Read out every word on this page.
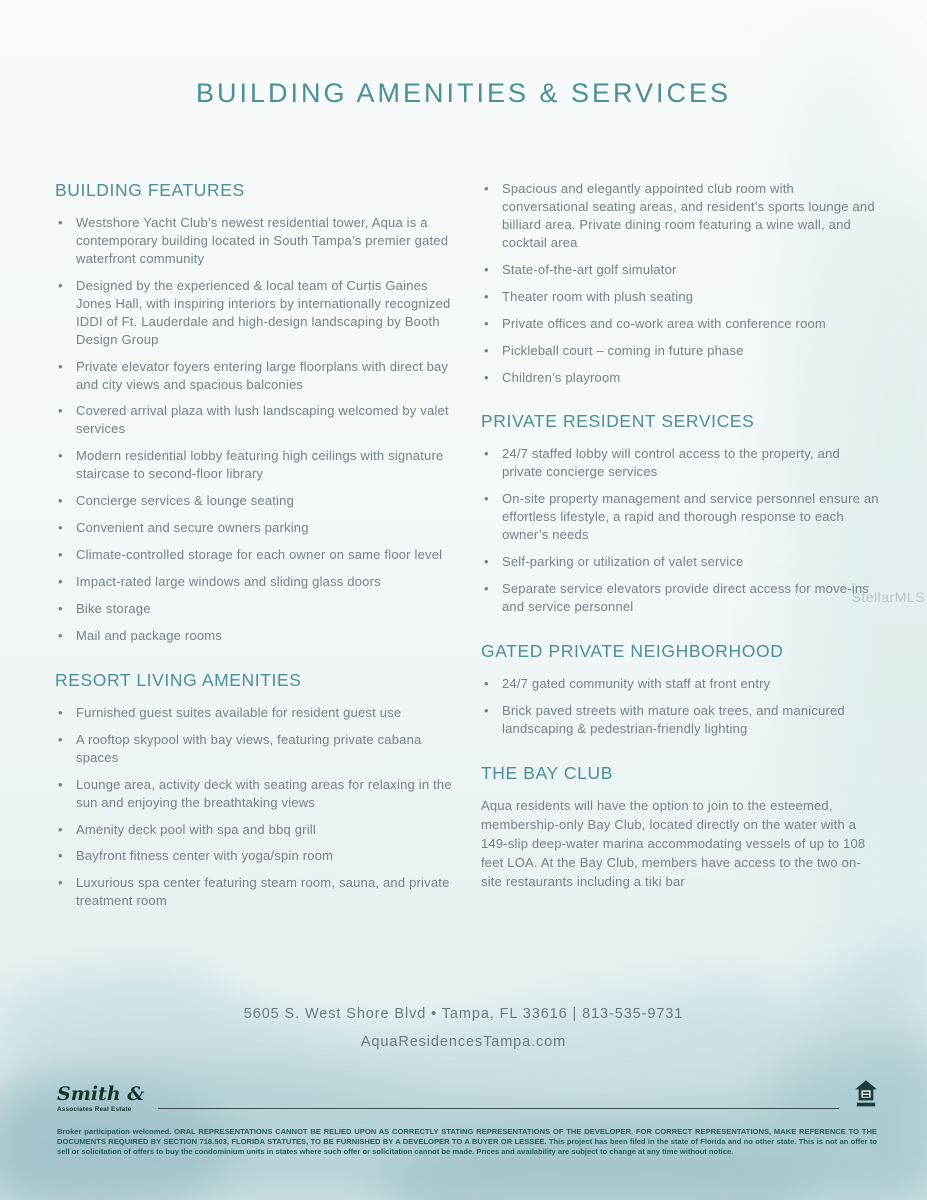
BUILDING AMENITIES & SERVICES
BUILDING FEATURES
• Westshore Yacht Club’s newest residential tower, Aqua is a contemporary building located in South Tampa’s premier gated waterfront community
• Designed by the experienced & local team of Curtis Gaines Jones Hall, with inspiring interiors by internationally recognized IDDI of Ft. Lauderdale and high-design landscaping by Booth Design Group
• Private elevator foyers entering large floorplans with direct bay and city views and spacious balconies
• Covered arrival plaza with lush landscaping welcomed by valet services
• Modern residential lobby featuring high ceilings with signature staircase to second-floor library
• Concierge services & lounge seating
• Convenient and secure owners parking
• Climate-controlled storage for each owner on same floor level
• Impact-rated large windows and sliding glass doors
• Bike storage
• Mail and package rooms
RESORT LIVING AMENITIES
• Furnished guest suites available for resident guest use
• A rooftop skypool with bay views, featuring private cabana spaces
• Lounge area, activity deck with seating areas for relaxing in the sun and enjoying the breathtaking views
• Amenity deck pool with spa and bbq grill
• Bayfront fitness center with yoga/spin room
• Luxurious spa center featuring steam room, sauna, and private treatment room
• Spacious and elegantly appointed club room with conversational seating areas, and resident’s sports lounge and billiard area. Private dining room featuring a wine wall, and cocktail area
• State-of-the-art golf simulator
• Theater room with plush seating
• Private offices and co-work area with conference room
• Pickleball court – coming in future phase
• Children’s playroom
PRIVATE RESIDENT SERVICES
• 24/7 staffed lobby will control access to the property, and private concierge services
• On-site property management and service personnel ensure an effortless lifestyle, a rapid and thorough response to each owner’s needs
• Self-parking or utilization of valet service
• Separate service elevators provide direct access for move-ins and service personnel
GATED PRIVATE NEIGHBORHOOD
• 24/7 gated community with staff at front entry
• Brick paved streets with mature oak trees, and manicured landscaping & pedestrian-friendly lighting
THE BAY CLUB

Aqua residents will have the option to join to the esteemed, membership-only Bay Club, located directly on the water with a 149-slip deep-water marina accommodating vessels of up to 108 feet LOA. At the Bay Club, members have access to the two on-site restaurants including a tiki bar

StellarMLS
5605 S. West Shore Blvd • Tampa, FL 33616 | 813-535-9731
AquaResidencesTampa.com
Smith &
Associates Real Estate

Broker participation welcomed. ORAL REPRESENTATIONS CANNOT BE RELIED UPON AS CORRECTLY STATING REPRESENTATIONS OF THE DEVELOPER. FOR CORRECT REPRESENTATIONS, MAKE REFERENCE TO THE DOCUMENTS REQUIRED BY SECTION 718.503, FLORIDA STATUTES, TO BE FURNISHED BY A DEVELOPER TO A BUYER OR LESSEE. This project has been filed in the state of Florida and no other state. This is not an offer to sell or solicitation of offers to buy the condominium units in states where such offer or solicitation cannot be made. Prices and availability are subject to change at any time without notice.
